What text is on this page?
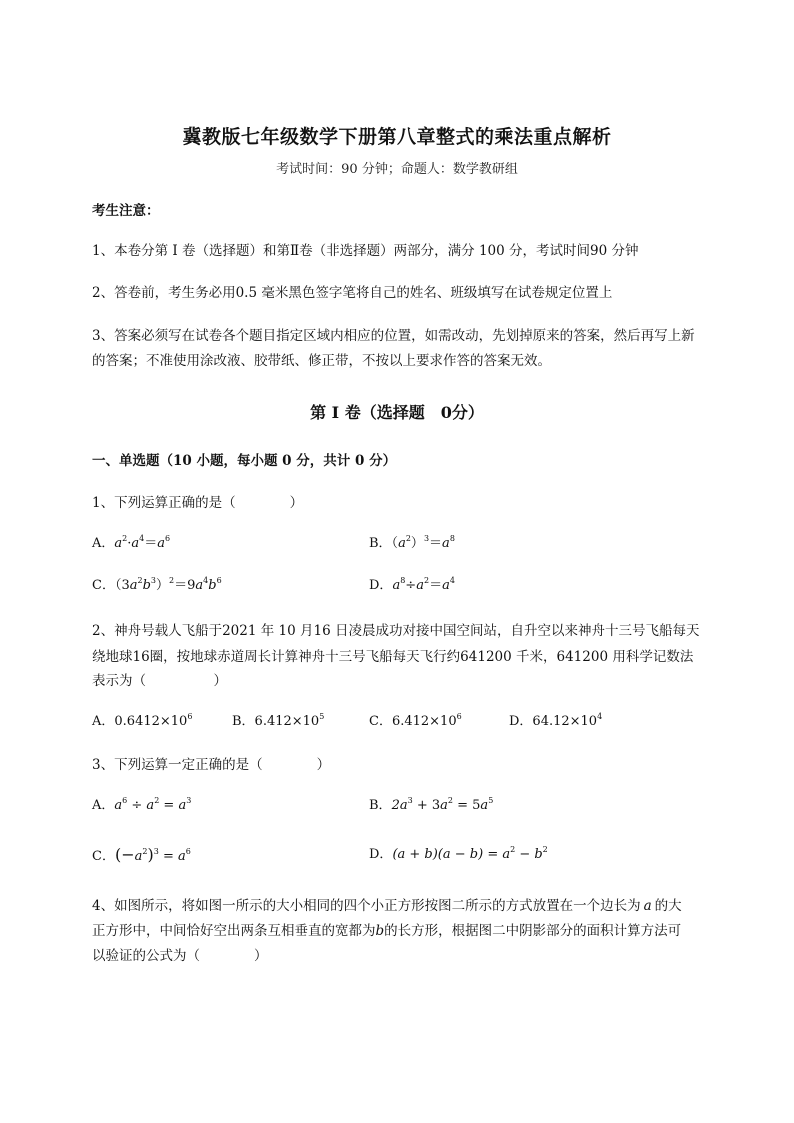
冀教版七年级数学下册第八章整式的乘法重点解析
考试时间：90 分钟；命题人：数学教研组
考生注意：
1、本卷分第 I 卷（选择题）和第Ⅱ卷（非选择题）两部分，满分 100 分，考试时间90 分钟
2、答卷前，考生务必用0.5 毫米黑色签字笔将自己的姓名、班级填写在试卷规定位置上
3、答案必须写在试卷各个题目指定区域内相应的位置，如需改动，先划掉原来的答案，然后再写上新
的答案；不准使用涂改液、胶带纸、修正带，不按以上要求作答的答案无效。
第 I 卷（选择题　0分）
一、单选题（10 小题，每小题 0 分，共计 0 分）
1、下列运算正确的是（　　　　）
A．$a^2\cdot a^4=a^6$	B．$(a^2)^3=a^8$
C．$(3a^2b^3)^2=9a^4b^6$	D．$a^8\div a^2=a^4$
2、神舟号载人飞船于2021 年 10 月16 日凌晨成功对接中国空间站，自升空以来神舟十三号飞船每天
绕地球16圈，按地球赤道周长计算神舟十三号飞船每天飞行约641200 千米，641200 用科学记数法
表示为（　　　　　）
A．$0.6412\times 10^6$	B．$6.412\times 10^5$	C．$6.412\times 10^6$	D．$64.12\times 10^4$
3、下列运算一定正确的是（　　　　）
A．$a^6 \div a^2 = a^3$	B．$2a^3 + 3a^2 = 5a^5$
C．$(-a^2)^3 = a^6$	D．$(a + b)(a - b) = a^2 - b^2$
4、如图所示，将如图一所示的大小相同的四个小正方形按图二所示的方式放置在一个边长为 a 的大
正方形中，中间恰好空出两条互相垂直的宽都为b的长方形，根据图二中阴影部分的面积计算方法可
以验证的公式为（　　　　）
